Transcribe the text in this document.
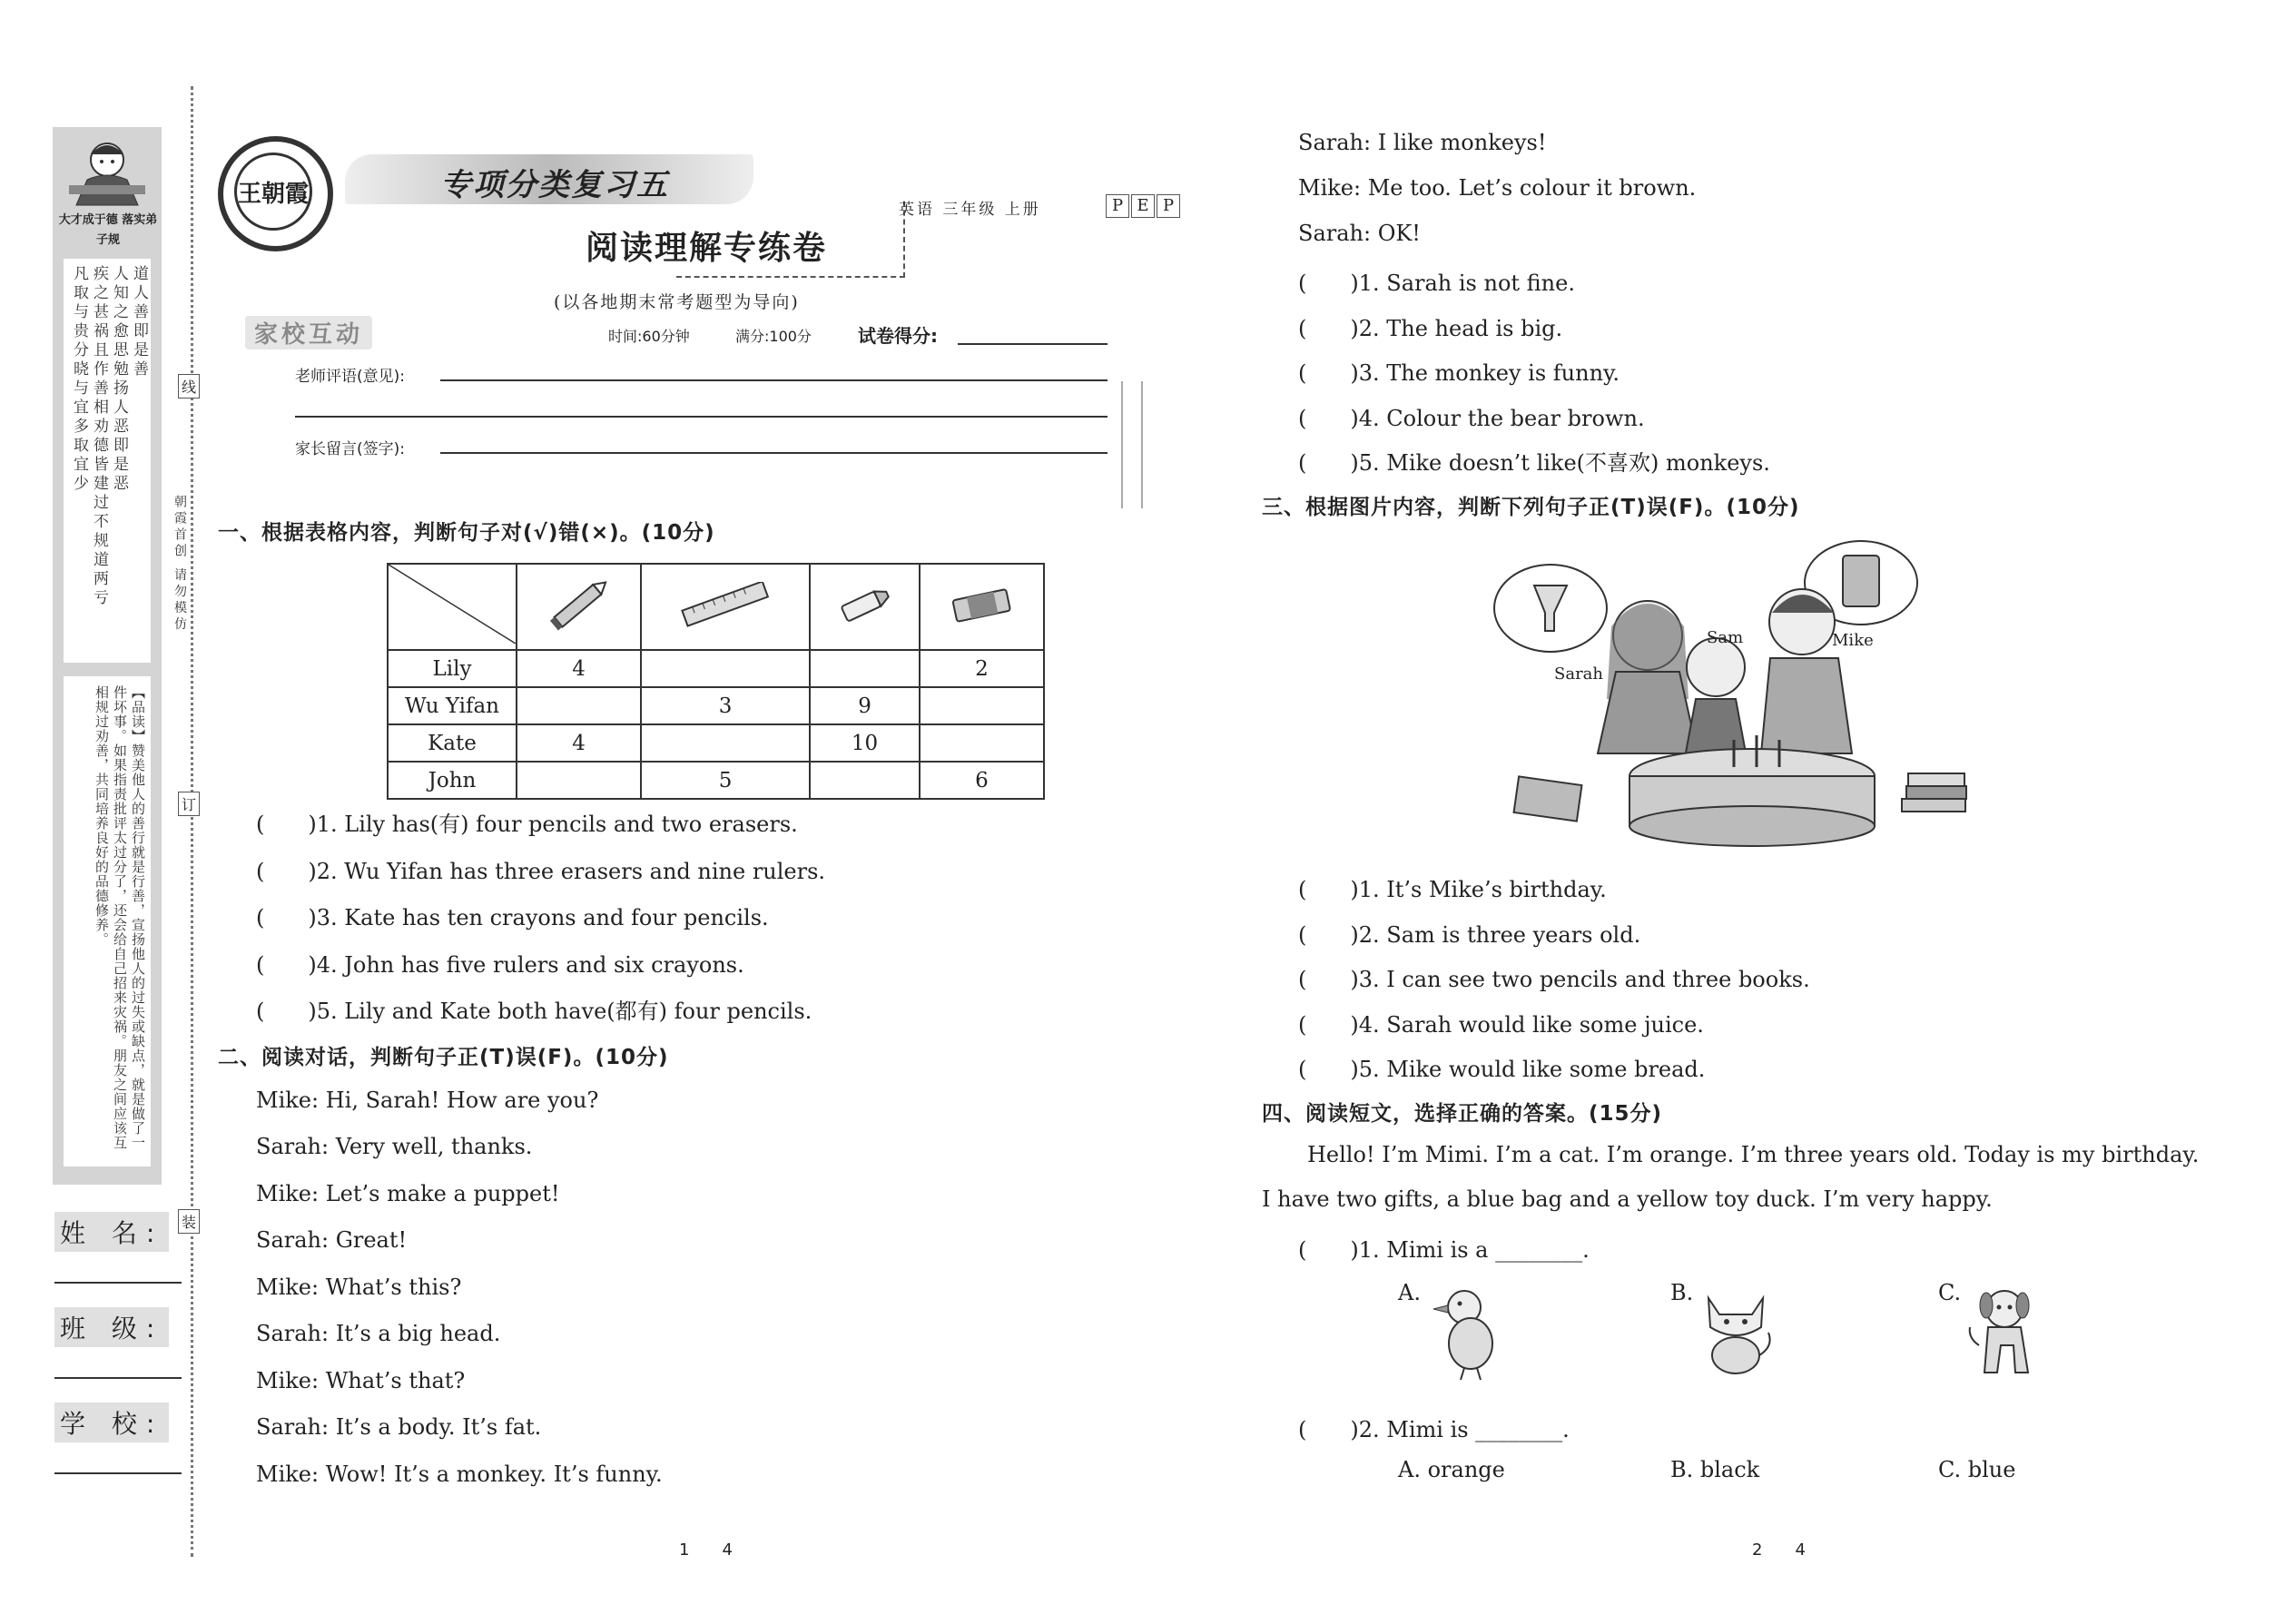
大才成于德 落实弟子规
道人善即是善
人知之愈思勉扬人恶即是恶
疾之甚祸且作善相劝德皆建过不规道两亏
凡取与贵分晓与宜多取宜少
【品读】赞美他人的善行就是行善，宣扬他人的过失或缺点，就是做了一件坏事。如果指责批评太过分了，还会给自己招来灾祸。朋友之间应该互相规过劝善，共同培养良好的品德修养。
姓 名:
班 级:
学 校:
线
订
装
朝霞首创 请勿模仿
王朝霞	专项分类复习五
阅读理解专练卷
英语 三年级 上册	P E P
(以各地期末常考题型为导向)
家校互动	时间:60分钟	满分:100分	试卷得分:
老师评语(意见):
家长留言(签字):
一、根据表格内容，判断句子对(√)错(×)。(10分)

Lily	4			2
Wu Yifan		3	9	
Kate	4		10	
John		5		6
(　　)1. Lily has(有) four pencils and two erasers.
(　　)2. Wu Yifan has three erasers and nine rulers.
(　　)3. Kate has ten crayons and four pencils.
(　　)4. John has five rulers and six crayons.
(　　)5. Lily and Kate both have(都有) four pencils.
二、阅读对话，判断句子正(T)误(F)。(10分)
Mike: Hi, Sarah! How are you?
Sarah: Very well, thanks.
Mike: Let’s make a puppet!
Sarah: Great!
Mike: What’s this?
Sarah: It’s a big head.
Mike: What’s that?
Sarah: It’s a body. It’s fat.
Mike: Wow! It’s a monkey. It’s funny.
1　　4
Sarah: I like monkeys!
Mike: Me too. Let’s colour it brown.
Sarah: OK!
(　　)1. Sarah is not fine.
(　　)2. The head is big.
(　　)3. The monkey is funny.
(　　)4. Colour the bear brown.
(　　)5. Mike doesn’t like(不喜欢) monkeys.
三、根据图片内容，判断下列句子正(T)误(F)。(10分)
Sarah
Sam	Mike
(　　)1. It’s Mike’s birthday.
(　　)2. Sam is three years old.
(　　)3. I can see two pencils and three books.
(　　)4. Sarah would like some juice.
(　　)5. Mike would like some bread.
四、阅读短文，选择正确的答案。(15分)
Hello! I’m Mimi. I’m a cat. I’m orange. I’m three years old. Today is my birthday.
I have two gifts, a blue bag and a yellow toy duck. I’m very happy.
(　　)1. Mimi is a ________.
A.	B.	C.
(　　)2. Mimi is ________.
A. orange	B. black	C. blue
2　　4
